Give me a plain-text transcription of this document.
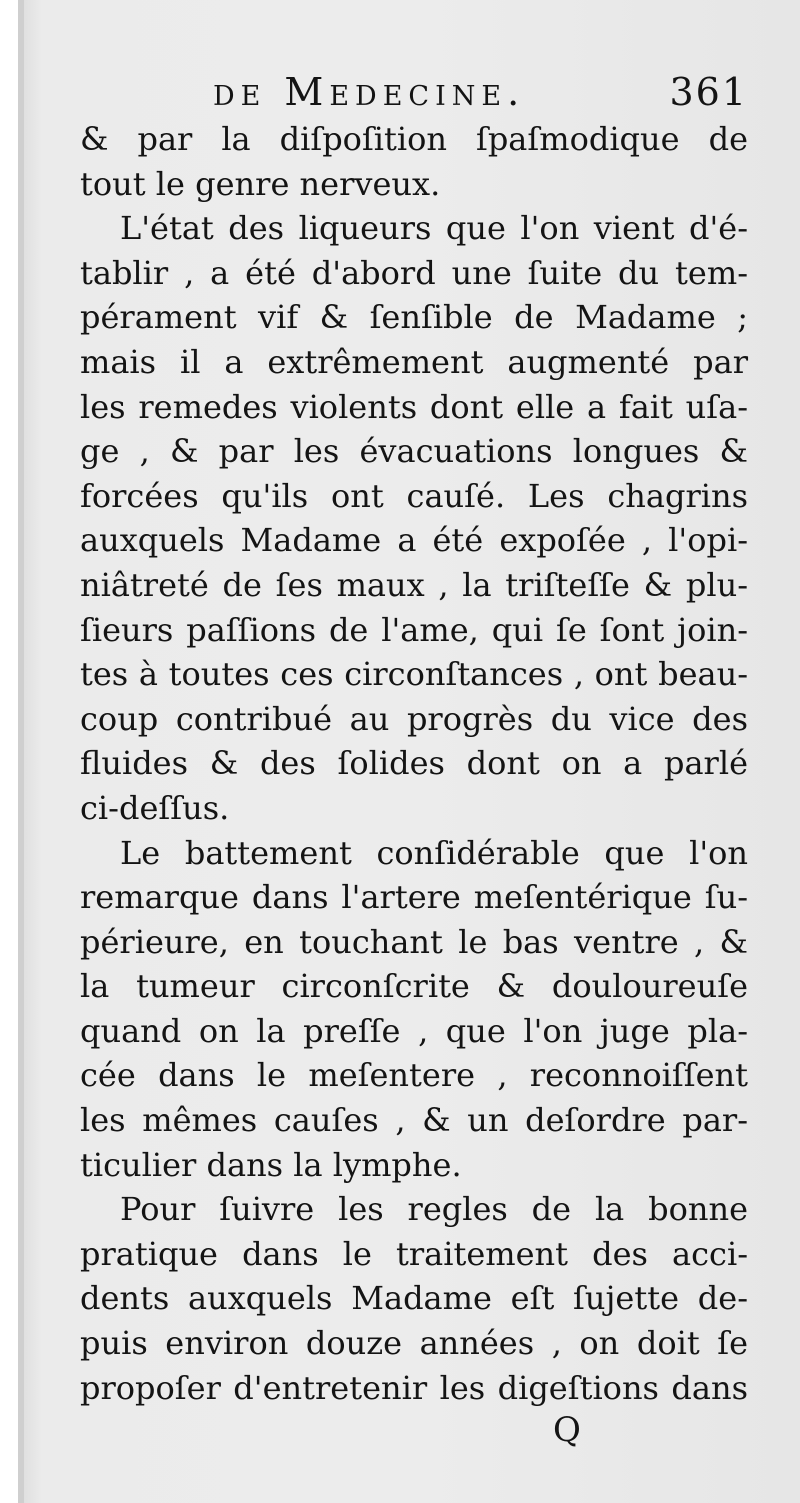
de Medecine.	361
& par la diſpoſition ſpaſmodique de
tout le genre nerveux.
L'état des liqueurs que l'on vient d'é-
tablir , a été d'abord une ſuite du tem-
pérament vif & ſenſible de Madame ;
mais il a extrêmement augmenté par
les remedes violents dont elle a fait uſa-
ge , & par les évacuations longues &
forcées qu'ils ont cauſé. Les chagrins
auxquels Madame a été expoſée , l'opi-
niâtreté de ſes maux , la triſteſſe & plu-
ſieurs paſſions de l'ame, qui ſe ſont join-
tes à toutes ces circonſtances , ont beau-
coup contribué au progrès du vice des
fluides & des ſolides dont on a parlé
ci-deſſus.
Le battement conſidérable que l'on
remarque dans l'artere meſentérique ſu-
périeure, en touchant le bas ventre , &
la tumeur circonſcrite & douloureuſe
quand on la preſſe , que l'on juge pla-
cée dans le meſentere , reconnoiſſent
les mêmes cauſes , & un deſordre par-
ticulier dans la lymphe.
Pour ſuivre les regles de la bonne
pratique dans le traitement des acci-
dents auxquels Madame eſt ſujette de-
puis environ douze années , on doit ſe
propoſer d'entretenir les digeſtions dans
Q
